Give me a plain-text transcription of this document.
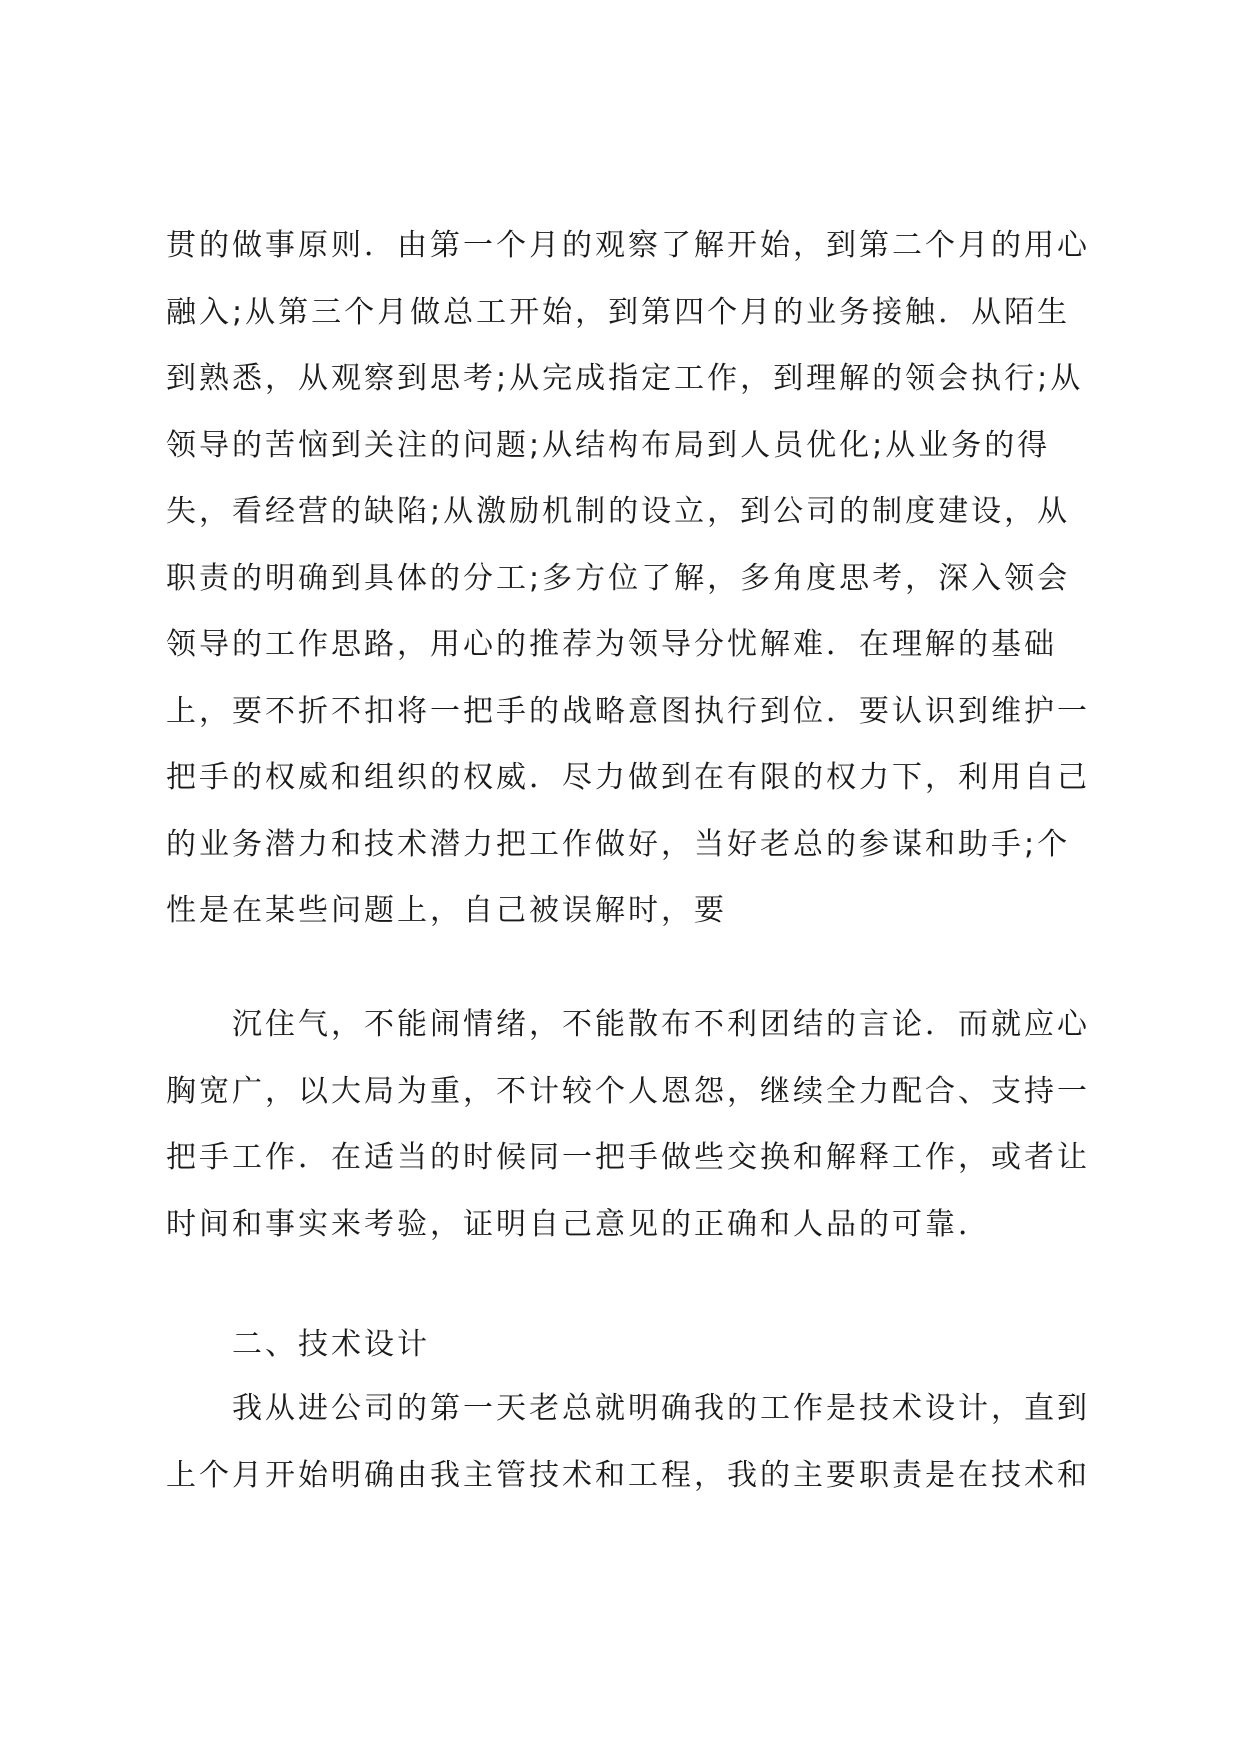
贯的做事原则．由第一个月的观察了解开始，到第二个月的用心
融入;从第三个月做总工开始，到第四个月的业务接触．从陌生
到熟悉，从观察到思考;从完成指定工作，到理解的领会执行;从
领导的苦恼到关注的问题;从结构布局到人员优化;从业务的得
失，看经营的缺陷;从激励机制的设立，到公司的制度建设，从
职责的明确到具体的分工;多方位了解，多角度思考，深入领会
领导的工作思路，用心的推荐为领导分忧解难．在理解的基础
上，要不折不扣将一把手的战略意图执行到位．要认识到维护一
把手的权威和组织的权威．尽力做到在有限的权力下，利用自己
的业务潜力和技术潜力把工作做好，当好老总的参谋和助手;个
性是在某些问题上，自己被误解时，要
沉住气，不能闹情绪，不能散布不利团结的言论．而就应心
胸宽广，以大局为重，不计较个人恩怨，继续全力配合、支持一
把手工作．在适当的时候同一把手做些交换和解释工作，或者让
时间和事实来考验，证明自己意见的正确和人品的可靠．
二、技术设计
我从进公司的第一天老总就明确我的工作是技术设计，直到
上个月开始明确由我主管技术和工程，我的主要职责是在技术和
